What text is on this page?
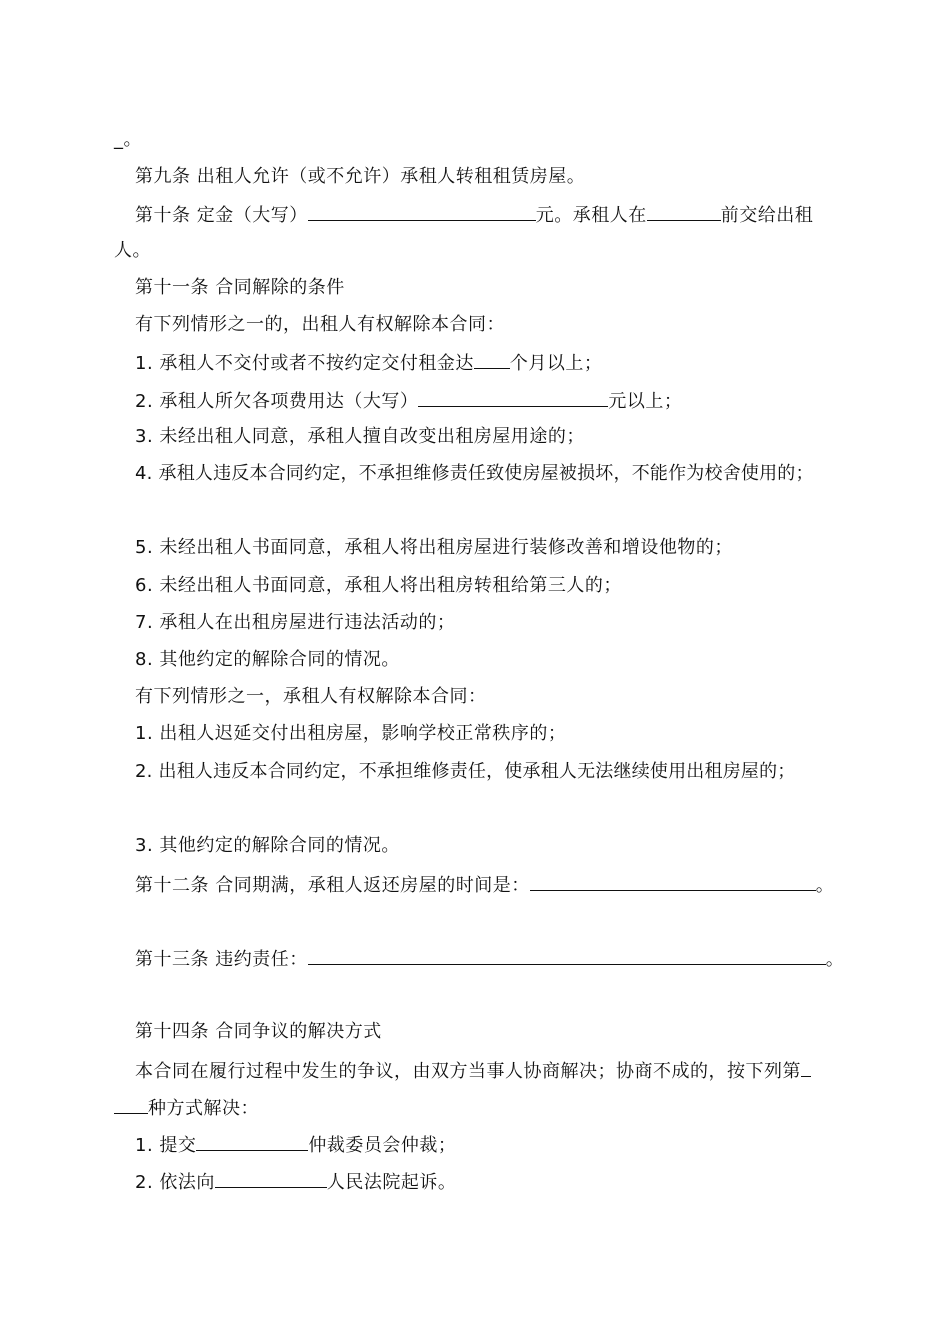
_。
第九条 出租人允许（或不允许）承租人转租租赁房屋。
第十条 定金（大写）	元。承租人在	前交给出租
人。
第十一条 合同解除的条件
有下列情形之一的，出租人有权解除本合同：
1. 承租人不交付或者不按约定交付租金达 个月以上；
2. 承租人所欠各项费用达（大写）	元以上；
3. 未经出租人同意，承租人擅自改变出租房屋用途的；
4. 承租人违反本合同约定，不承担维修责任致使房屋被损坏，不能作为校舍使用的；
5. 未经出租人书面同意，承租人将出租房屋进行装修改善和增设他物的；
6. 未经出租人书面同意，承租人将出租房转租给第三人的；
7. 承租人在出租房屋进行违法活动的；
8. 其他约定的解除合同的情况。
有下列情形之一，承租人有权解除本合同：
1. 出租人迟延交付出租房屋，影响学校正常秩序的；
2. 出租人违反本合同约定，不承担维修责任，使承租人无法继续使用出租房屋的；
3. 其他约定的解除合同的情况。
第十二条 合同期满，承租人返还房屋的时间是：	。
第十三条 违约责任：	。
第十四条 合同争议的解决方式
本合同在履行过程中发生的争议，由双方当事人协商解决；协商不成的，按下列第
种方式解决：
1. 提交	仲裁委员会仲裁；
2. 依法向	人民法院起诉。
